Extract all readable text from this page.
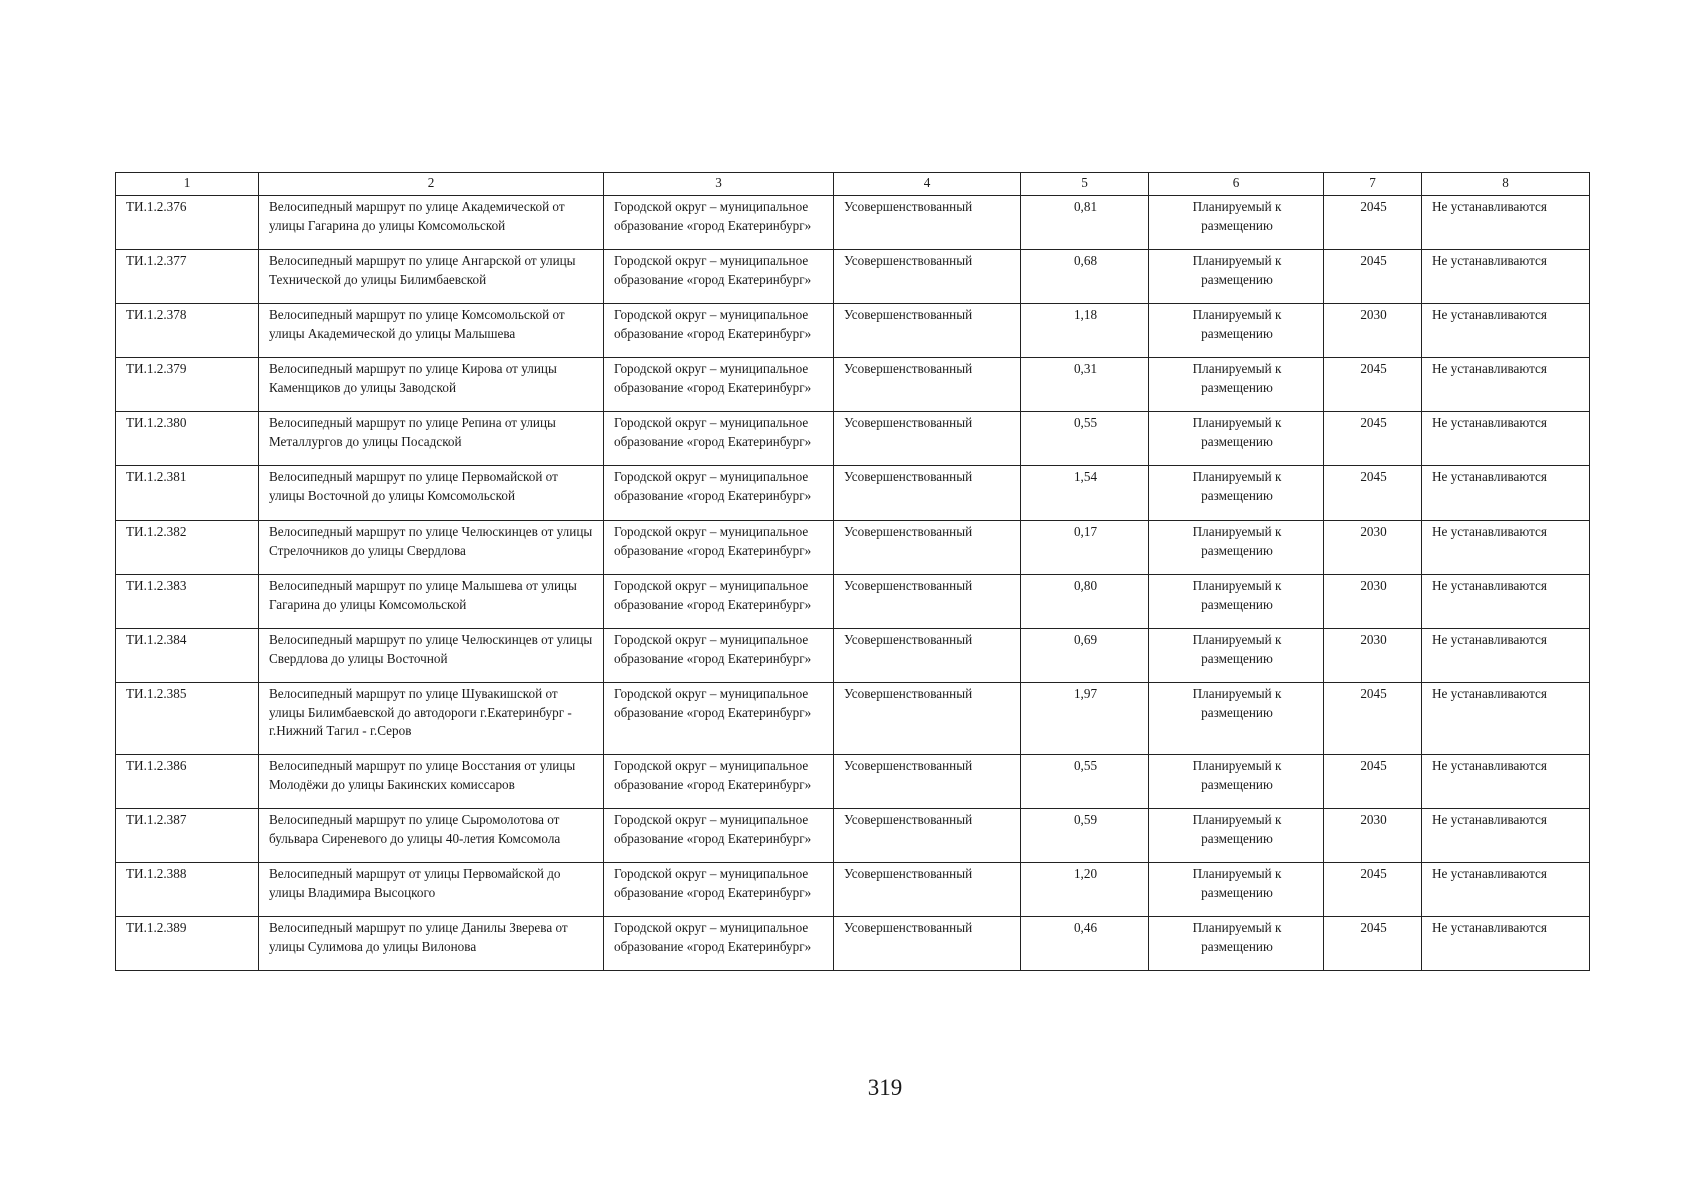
1	2	3	4	5	6	7	8
ТИ.1.2.376	Велосипедный маршрут по улице Академической от улицы Гагарина до улицы Комсомольской	Городской округ – муниципальное образование «город Екатеринбург»	Усовершенствованный	0,81	Планируемый к размещению	2045	Не устанавливаются
ТИ.1.2.377	Велосипедный маршрут по улице Ангарской от улицы Технической до улицы Билимбаевской	Городской округ – муниципальное образование «город Екатеринбург»	Усовершенствованный	0,68	Планируемый к размещению	2045	Не устанавливаются
ТИ.1.2.378	Велосипедный маршрут по улице Комсомольской от улицы Академической до улицы Малышева	Городской округ – муниципальное образование «город Екатеринбург»	Усовершенствованный	1,18	Планируемый к размещению	2030	Не устанавливаются
ТИ.1.2.379	Велосипедный маршрут по улице Кирова от улицы Каменщиков до улицы Заводской	Городской округ – муниципальное образование «город Екатеринбург»	Усовершенствованный	0,31	Планируемый к размещению	2045	Не устанавливаются
ТИ.1.2.380	Велосипедный маршрут по улице Репина от улицы Металлургов до улицы Посадской	Городской округ – муниципальное образование «город Екатеринбург»	Усовершенствованный	0,55	Планируемый к размещению	2045	Не устанавливаются
ТИ.1.2.381	Велосипедный маршрут по улице Первомайской от улицы Восточной до улицы Комсомольской	Городской округ – муниципальное образование «город Екатеринбург»	Усовершенствованный	1,54	Планируемый к размещению	2045	Не устанавливаются
ТИ.1.2.382	Велосипедный маршрут по улице Челюскинцев от улицы Стрелочников до улицы Свердлова	Городской округ – муниципальное образование «город Екатеринбург»	Усовершенствованный	0,17	Планируемый к размещению	2030	Не устанавливаются
ТИ.1.2.383	Велосипедный маршрут по улице Малышева от улицы Гагарина до улицы Комсомольской	Городской округ – муниципальное образование «город Екатеринбург»	Усовершенствованный	0,80	Планируемый к размещению	2030	Не устанавливаются
ТИ.1.2.384	Велосипедный маршрут по улице Челюскинцев от улицы Свердлова до улицы Восточной	Городской округ – муниципальное образование «город Екатеринбург»	Усовершенствованный	0,69	Планируемый к размещению	2030	Не устанавливаются
ТИ.1.2.385	Велосипедный маршрут по улице Шувакишской от улицы Билимбаевской до автодороги г.Екатеринбург - г.Нижний Тагил - г.Серов	Городской округ – муниципальное образование «город Екатеринбург»	Усовершенствованный	1,97	Планируемый к размещению	2045	Не устанавливаются
ТИ.1.2.386	Велосипедный маршрут по улице Восстания от улицы Молодёжи до улицы Бакинских комиссаров	Городской округ – муниципальное образование «город Екатеринбург»	Усовершенствованный	0,55	Планируемый к размещению	2045	Не устанавливаются
ТИ.1.2.387	Велосипедный маршрут по улице Сыромолотова от бульвара Сиреневого до улицы 40-летия Комсомола	Городской округ – муниципальное образование «город Екатеринбург»	Усовершенствованный	0,59	Планируемый к размещению	2030	Не устанавливаются
ТИ.1.2.388	Велосипедный маршрут от улицы Первомайской до улицы Владимира Высоцкого	Городской округ – муниципальное образование «город Екатеринбург»	Усовершенствованный	1,20	Планируемый к размещению	2045	Не устанавливаются
ТИ.1.2.389	Велосипедный маршрут по улице Данилы Зверева от улицы Сулимова до улицы Вилонова	Городской округ – муниципальное образование «город Екатеринбург»	Усовершенствованный	0,46	Планируемый к размещению	2045	Не устанавливаются
319
